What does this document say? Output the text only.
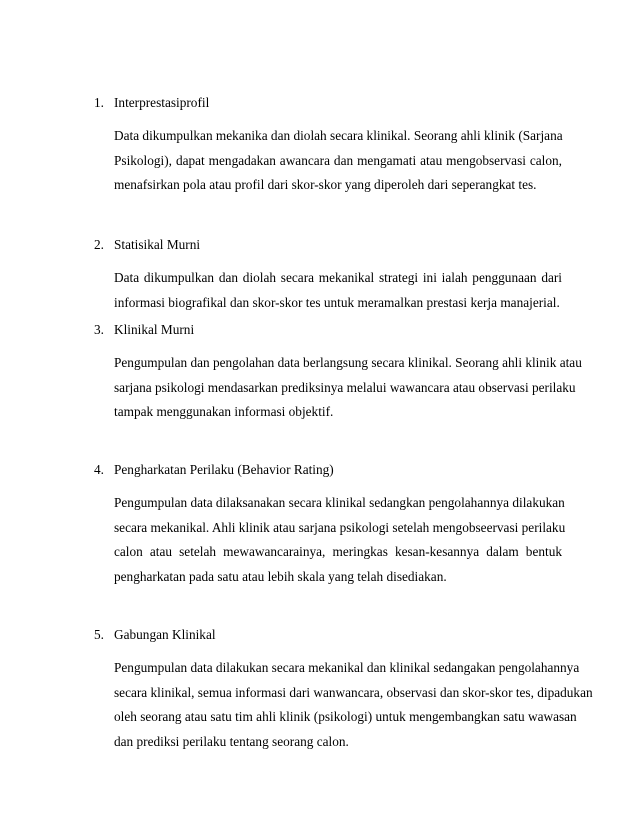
1. Interprestasiprofil
Data dikumpulkan mekanika dan diolah secara klinikal. Seorang ahli klinik (Sarjana
Psikologi), dapat mengadakan awancara dan mengamati atau mengobservasi calon,
menafsirkan pola atau profil dari skor-skor yang diperoleh dari seperangkat tes.
2. Statisikal Murni
Data dikumpulkan dan diolah secara mekanikal strategi ini ialah penggunaan dari
informasi biografikal dan skor-skor tes untuk meramalkan prestasi kerja manajerial.
3. Klinikal Murni
Pengumpulan dan pengolahan data berlangsung secara klinikal. Seorang ahli klinik atau
sarjana psikologi mendasarkan prediksinya melalui wawancara atau observasi perilaku
tampak menggunakan informasi objektif.
4. Pengharkatan Perilaku (Behavior Rating)
Pengumpulan data dilaksanakan secara klinikal sedangkan pengolahannya dilakukan
secara mekanikal. Ahli klinik atau sarjana psikologi setelah mengobseervasi perilaku
calon atau setelah mewawancarainya, meringkas kesan-kesannya dalam bentuk
pengharkatan pada satu atau lebih skala yang telah disediakan.
5. Gabungan Klinikal
Pengumpulan data dilakukan secara mekanikal dan klinikal sedangakan pengolahannya
secara klinikal, semua informasi dari wanwancara, observasi dan skor-skor tes, dipadukan
oleh seorang atau satu tim ahli klinik (psikologi) untuk mengembangkan satu wawasan
dan prediksi perilaku tentang seorang calon.
